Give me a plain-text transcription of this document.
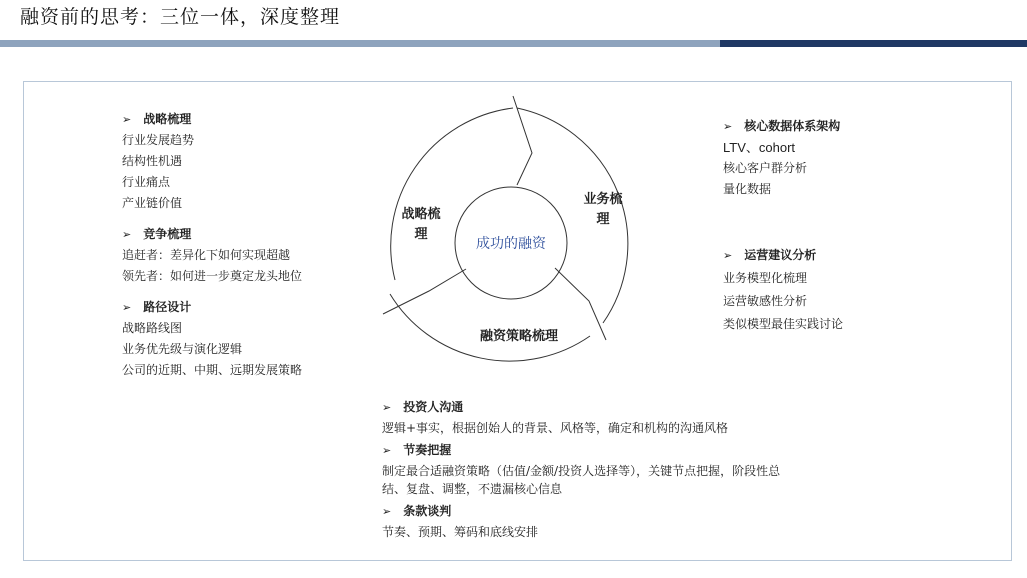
融资前的思考：三位一体，深度整理
成功的融资
战略梳
理
业务梳
理
融资策略梳理
➢ 战略梳理
行业发展趋势
结构性机遇
行业痛点
产业链价值
➢ 竞争梳理
追赶者：差异化下如何实现超越
领先者：如何进一步奠定龙头地位
➢ 路径设计
战略路线图
业务优先级与演化逻辑
公司的近期、中期、远期发展策略
➢ 核心数据体系架构
LTV、cohort
核心客户群分析
量化数据
➢ 运营建议分析
业务模型化梳理
运营敏感性分析
类似模型最佳实践讨论
➢ 投资人沟通
逻辑+事实，根据创始人的背景、风格等，确定和机构的沟通风格
➢ 节奏把握
制定最合适融资策略（估值/金额/投资人选择等），关键节点把握，阶段性总结、复盘、调整，不遗漏核心信息
➢ 条款谈判
节奏、预期、筹码和底线安排
